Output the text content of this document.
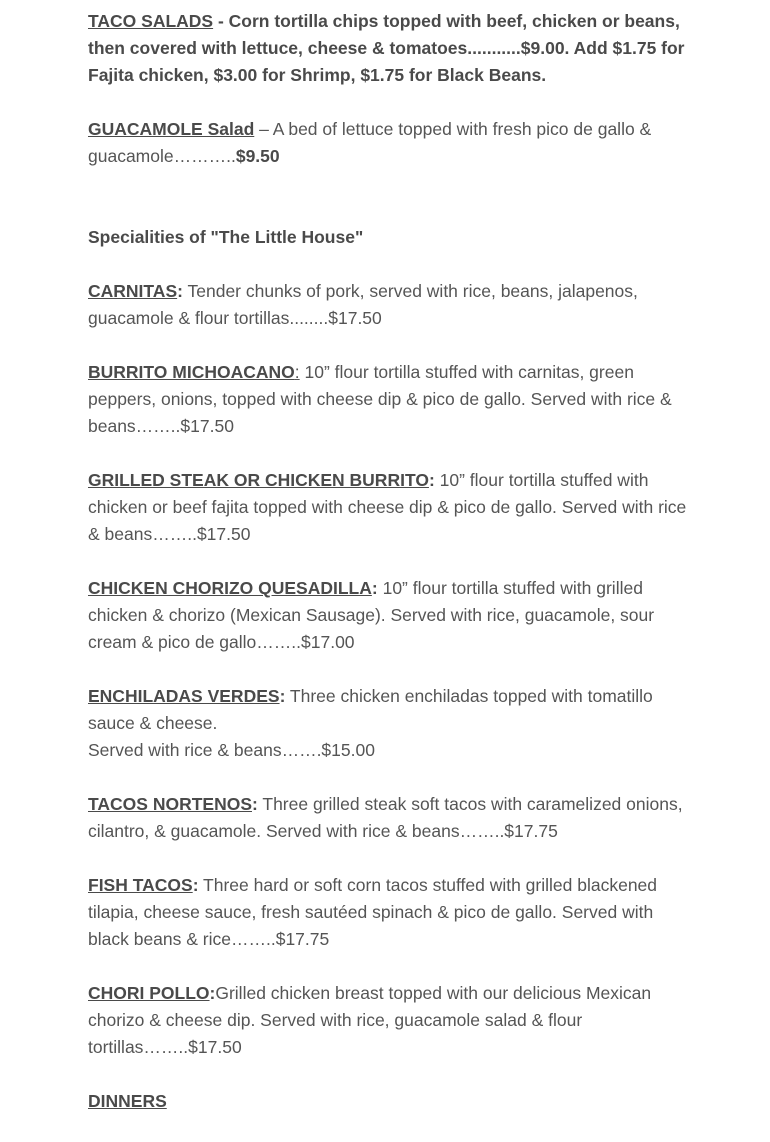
TACO SALADS - Corn tortilla chips topped with beef, chicken or beans, then covered with lettuce, cheese & tomatoes...........$9.00. Add $1.75 for Fajita chicken, $3.00 for Shrimp, $1.75 for Black Beans.

GUACAMOLE Salad – A bed of lettuce topped with fresh pico de gallo & guacamole………..$9.50

Specialities of "The Little House"

CARNITAS: Tender chunks of pork, served with rice, beans, jalapenos, guacamole & flour tortillas........$17.50

BURRITO MICHOACANO: 10” flour tortilla stuffed with carnitas, green peppers, onions, topped with cheese dip & pico de gallo. Served with rice & beans……..$17.50

GRILLED STEAK OR CHICKEN BURRITO: 10” flour tortilla stuffed with chicken or beef fajita topped with cheese dip & pico de gallo. Served with rice & beans……..$17.50

CHICKEN CHORIZO QUESADILLA: 10” flour tortilla stuffed with grilled chicken & chorizo (Mexican Sausage). Served with rice, guacamole, sour cream & pico de gallo……..$17.00

ENCHILADAS VERDES: Three chicken enchiladas topped with tomatillo sauce & cheese.
Served with rice & beans…….$15.00

TACOS NORTENOS: Three grilled steak soft tacos with caramelized onions, cilantro, & guacamole. Served with rice & beans……..$17.75

FISH TACOS: Three hard or soft corn tacos stuffed with grilled blackened tilapia, cheese sauce, fresh sautéed spinach & pico de gallo. Served with black beans & rice……..$17.75

CHORI POLLO:Grilled chicken breast topped with our delicious Mexican chorizo & cheese dip. Served with rice, guacamole salad & flour tortillas……..$17.50

DINNERS
